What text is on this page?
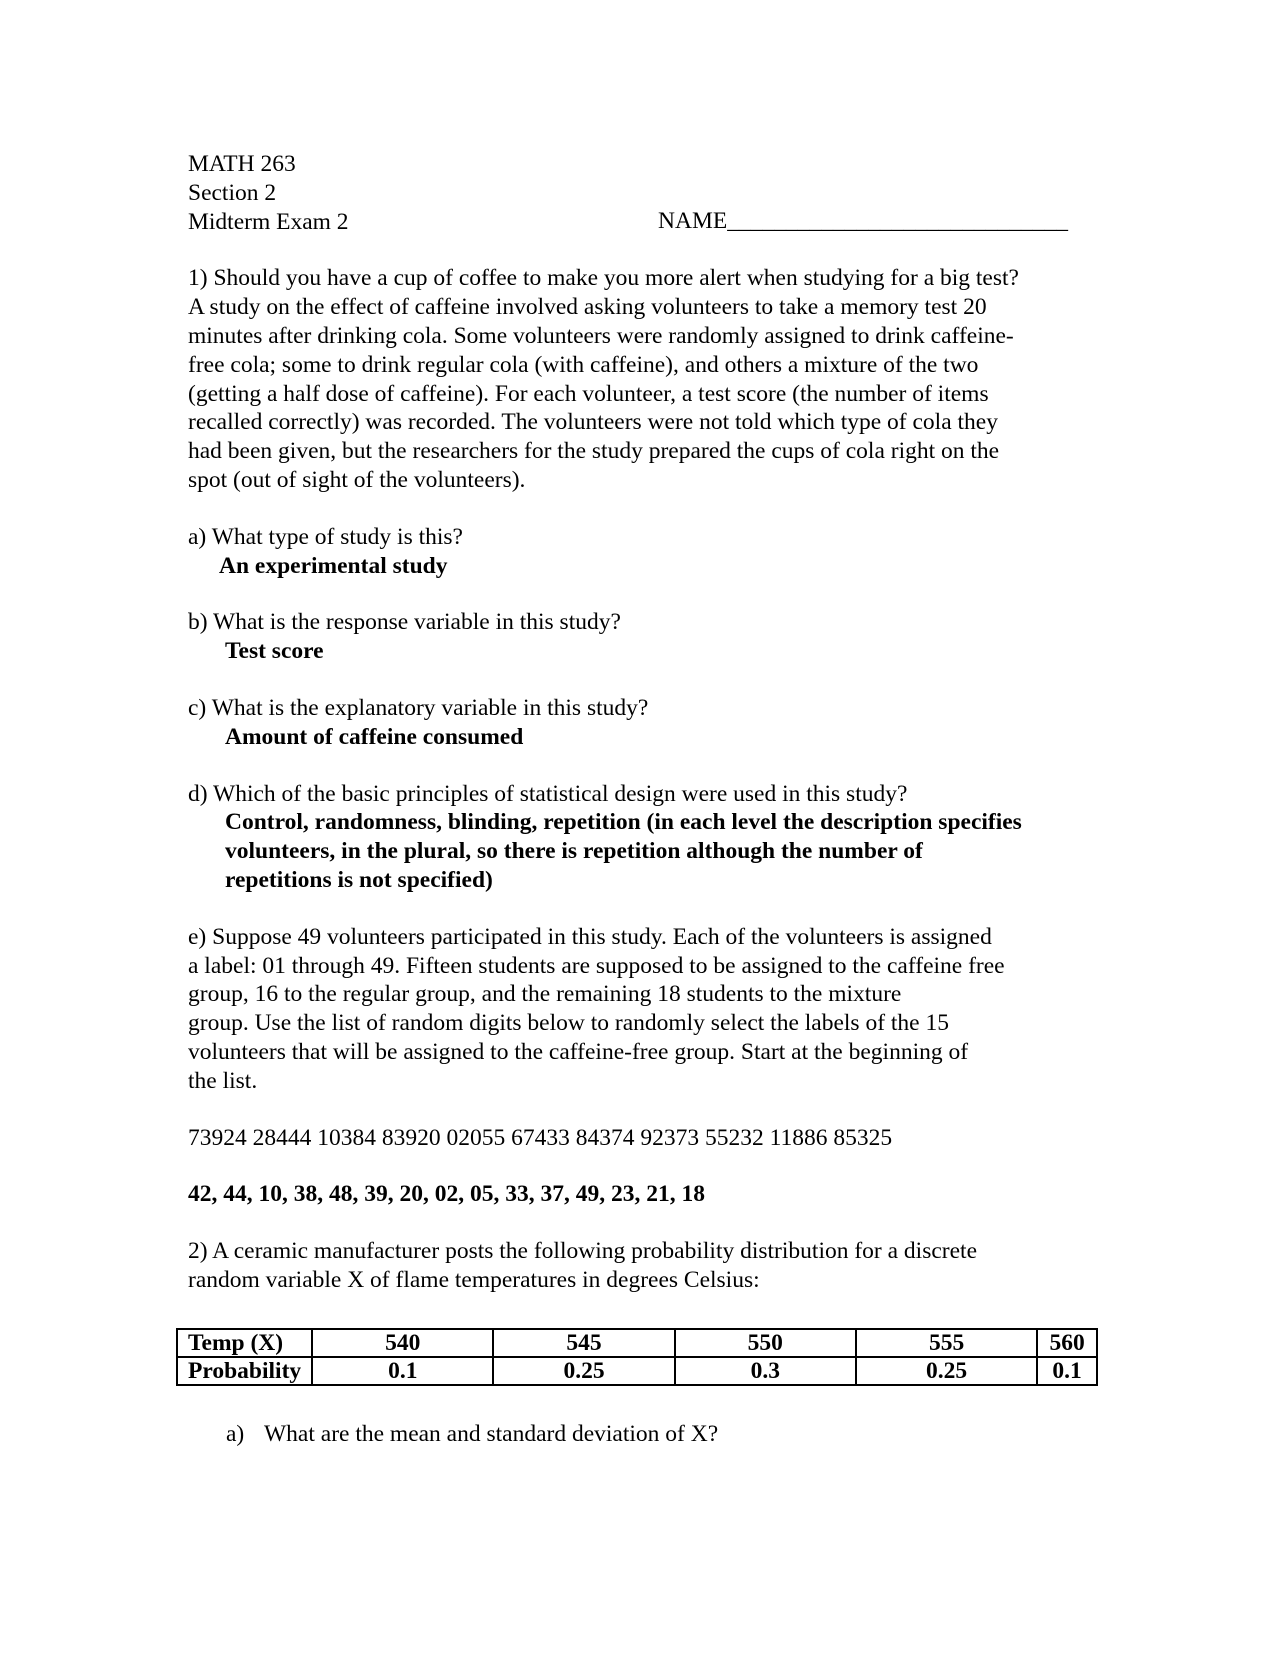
MATH 263
Section 2
Midterm Exam 2	NAME_____________________________
1) Should you have a cup of coffee to make you more alert when studying for a big test?
A study on the effect of caffeine involved asking volunteers to take a memory test 20
minutes after drinking cola. Some volunteers were randomly assigned to drink caffeine-
free cola; some to drink regular cola (with caffeine), and others a mixture of the two
(getting a half dose of caffeine). For each volunteer, a test score (the number of items
recalled correctly) was recorded. The volunteers were not told which type of cola they
had been given, but the researchers for the study prepared the cups of cola right on the
spot (out of sight of the volunteers).
a) What type of study is this?
An experimental study
b) What is the response variable in this study?
Test score
c) What is the explanatory variable in this study?
Amount of caffeine consumed
d) Which of the basic principles of statistical design were used in this study?
Control, randomness, blinding, repetition (in each level the description specifies
volunteers, in the plural, so there is repetition although the number of
repetitions is not specified)
e) Suppose 49 volunteers participated in this study. Each of the volunteers is assigned
a label: 01 through 49. Fifteen students are supposed to be assigned to the caffeine free
group, 16 to the regular group, and the remaining 18 students to the mixture
group. Use the list of random digits below to randomly select the labels of the 15
volunteers that will be assigned to the caffeine-free group. Start at the beginning of
the list.
73924 28444 10384 83920 02055 67433 84374 92373 55232 11886 85325
42, 44, 10, 38, 48, 39, 20, 02, 05, 33, 37, 49, 23, 21, 18
2) A ceramic manufacturer posts the following probability distribution for a discrete
random variable X of flame temperatures in degrees Celsius:
Temp (X)	540	545	550	555	560
Probability	0.1	0.25	0.3	0.25	0.1
a) What are the mean and standard deviation of X?
